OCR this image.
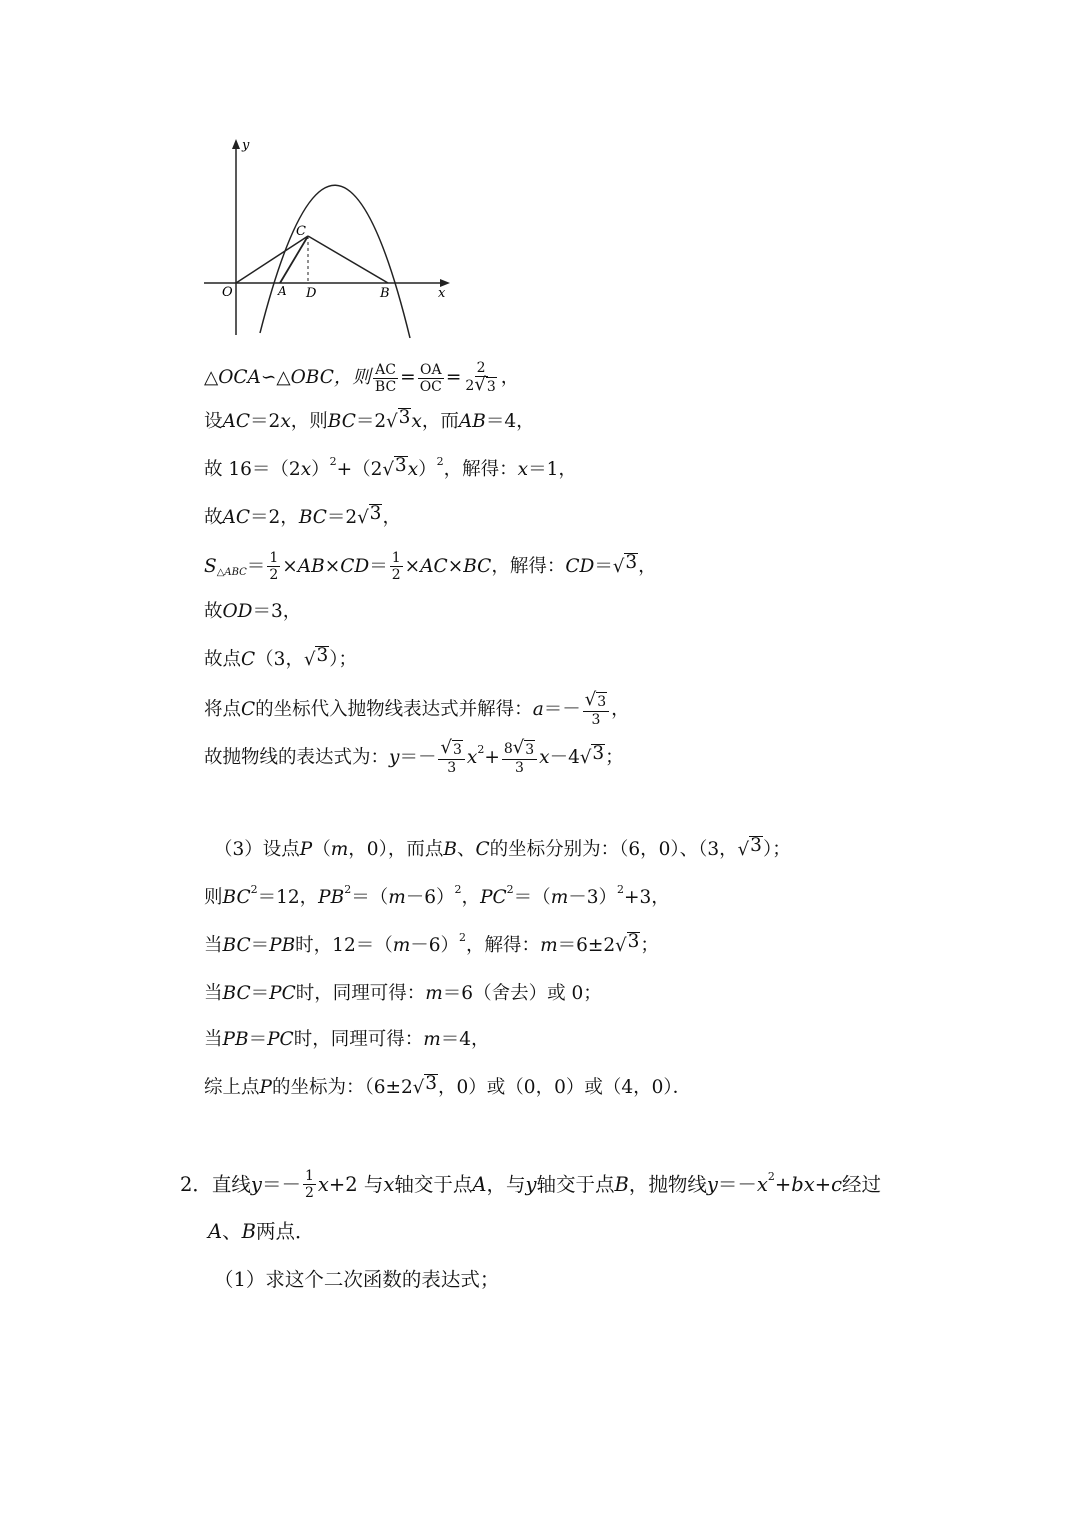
y
x
O	A D	B
C
△OCA∽△OBC，则 $\frac{AC}{BC} = \frac{OA}{OC} = \frac{2}{2 √ 3}$ ，
设 AC ＝2 x ，则 BC ＝2 √ 3 x ，而 AB ＝4，
故 16＝（2 x ） 2 +（2 √ 3 x ） 2 ，解得： x ＝1，
故 AC ＝2， BC ＝2 √ 3 ，
S △ABC ＝ $\frac{1}{2}$ × AB × CD ＝ $\frac{1}{2}$ × AC × BC ，解得： CD ＝ √ 3 ，
故 OD ＝3，
故点 C （3， √ 3 ）；
将点 C 的坐标代入抛物线表达式并解得： $a =- \frac{√ 3}{3}$ ，
故抛物线的表达式为： $y =- \frac{√ 3}{3}$ x $2 + \frac{8 √ 3}{3}$ x －4 √ 3 ；
（3）设点 P （ m ，0），而点 B 、 C 的坐标分别为：（6，0）、（3， √ 3 ）；
则 BC 2 ＝12， PB 2 ＝（ m －6） 2 ， PC 2 ＝（ m －3） 2 +3，
当 BC ＝ PB 时，12＝（ m －6） 2 ，解得： m ＝6±2 √ 3 ；
当 BC ＝ PC 时，同理可得： m ＝6（舍去）或 0；
当 PB ＝ PC 时，同理可得： m ＝4，
综上点 P 的坐标为：（6±2 √ 3 ，0）或（0，0）或（4，0）．
2．直线 $y =- \frac{1}{2}$ x +2 与 x 轴交于点 A ，与 y 轴交于点 B ，抛物线 y ＝－ x 2 + bx + c 经过
A 、 B 两点．
（1）求这个二次函数的表达式；
